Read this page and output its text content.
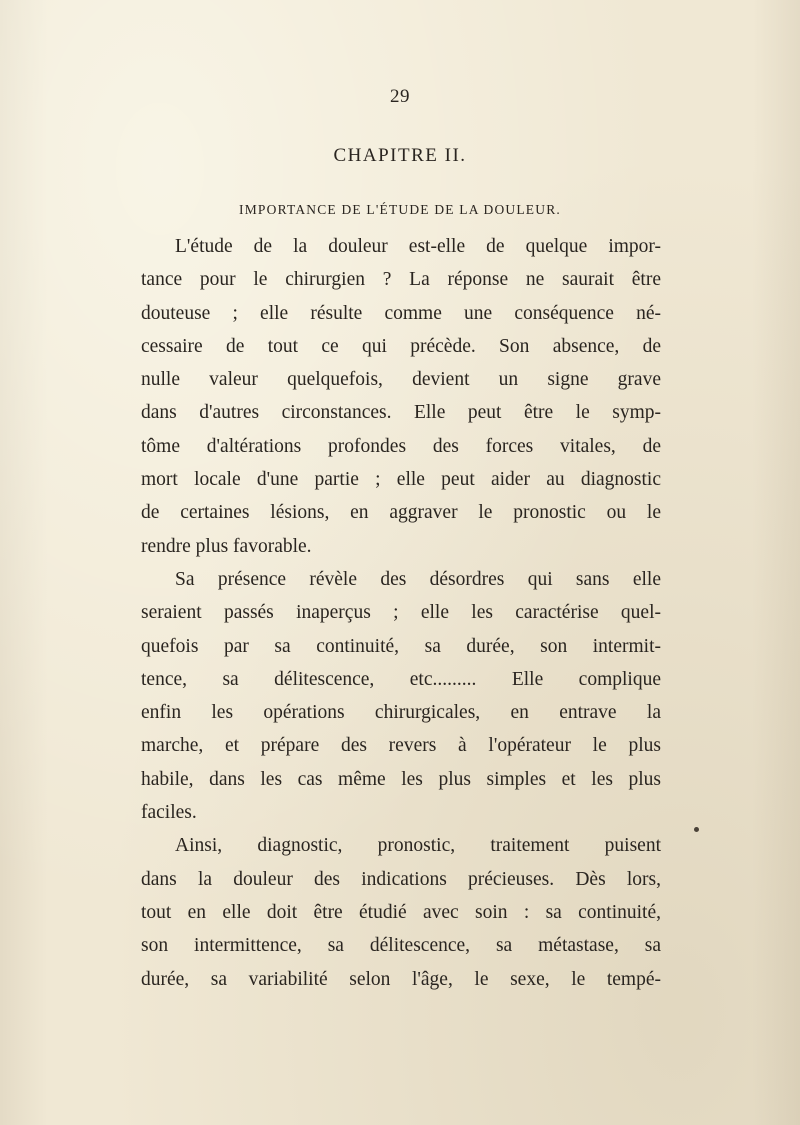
29
CHAPITRE II.
IMPORTANCE DE L'ÉTUDE DE LA DOULEUR.
L'étude de la douleur est-elle de quelque impor-
tance pour le chirurgien ? La réponse ne saurait être
douteuse ; elle résulte comme une conséquence né-
cessaire de tout ce qui précède. Son absence, de
nulle valeur quelquefois, devient un signe grave
dans d'autres circonstances. Elle peut être le symp-
tôme d'altérations profondes des forces vitales, de
mort locale d'une partie ; elle peut aider au diagnostic
de certaines lésions, en aggraver le pronostic ou le
rendre plus favorable.
Sa présence révèle des désordres qui sans elle
seraient passés inaperçus ; elle les caractérise quel-
quefois par sa continuité, sa durée, son intermit-
tence, sa délitescence, etc......... Elle complique
enfin les opérations chirurgicales, en entrave la
marche, et prépare des revers à l'opérateur le plus
habile, dans les cas même les plus simples et les plus
faciles.
Ainsi, diagnostic, pronostic, traitement puisent
dans la douleur des indications précieuses. Dès lors,
tout en elle doit être étudié avec soin : sa continuité,
son intermittence, sa délitescence, sa métastase, sa
durée, sa variabilité selon l'âge, le sexe, le tempé-
